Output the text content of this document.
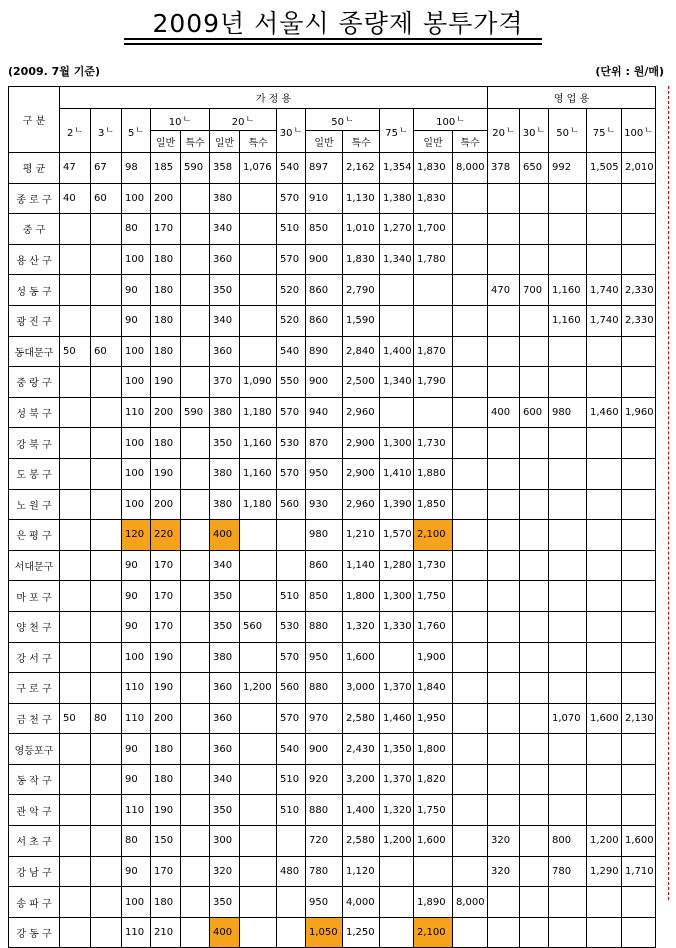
2009년 서울시 종량제 봉투가격
(2009. 7월 기준)	(단위 : 원/매)
구 분	가 정 용													영 업 용				
	2ㄴ	3ㄴ	5ㄴ	10ㄴ		20ㄴ		30ㄴ	50ㄴ		75ㄴ	100ㄴ		20ㄴ	30ㄴ	50ㄴ	75ㄴ	100ㄴ
				일반	특수	일반	특수		일반	특수		일반	특수					
평 균	47	67	98	185	590	358	1,076	540	897	2,162	1,354	1,830	8,000	378	650	992	1,505	2,010
종 로 구	40	60	100	200		380		570	910	1,130	1,380	1,830						
중 구			80	170		340		510	850	1,010	1,270	1,700						
용 산 구			100	180		360		570	900	1,830	1,340	1,780						
성 동 구			90	180		350		520	860	2,790				470	700	1,160	1,740	2,330
광 진 구			90	180		340		520	860	1,590						1,160	1,740	2,330
동대문구	50	60	100	180		360		540	890	2,840	1,400	1,870						
중 랑 구			100	190		370	1,090	550	900	2,500	1,340	1,790						
성 북 구			110	200	590	380	1,180	570	940	2,960				400	600	980	1,460	1,960
강 북 구			100	180		350	1,160	530	870	2,900	1,300	1,730						
도 봉 구			100	190		380	1,160	570	950	2,900	1,410	1,880						
노 원 구			100	200		380	1,180	560	930	2,960	1,390	1,850						
은 평 구			120	220		400			980	1,210	1,570	2,100						
서대문구			90	170		340			860	1,140	1,280	1,730						
마 포 구			90	170		350		510	850	1,800	1,300	1,750						
양 천 구			90	170		350	560	530	880	1,320	1,330	1,760						
강 서 구			100	190		380		570	950	1,600		1,900						
구 로 구			110	190		360	1,200	560	880	3,000	1,370	1,840						
금 천 구	50	80	110	200		360		570	970	2,580	1,460	1,950				1,070	1,600	2,130
영등포구			90	180		360		540	900	2,430	1,350	1,800						
동 작 구			90	180		340		510	920	3,200	1,370	1,820						
관 악 구			110	190		350		510	880	1,400	1,320	1,750						
서 초 구			80	150		300			720	2,580	1,200	1,600		320		800	1,200	1,600
강 남 구			90	170		320		480	780	1,120				320		780	1,290	1,710
송 파 구			100	180		350			950	4,000		1,890	8,000					
강 동 구			110	210		400			1,050	1,250		2,100						
